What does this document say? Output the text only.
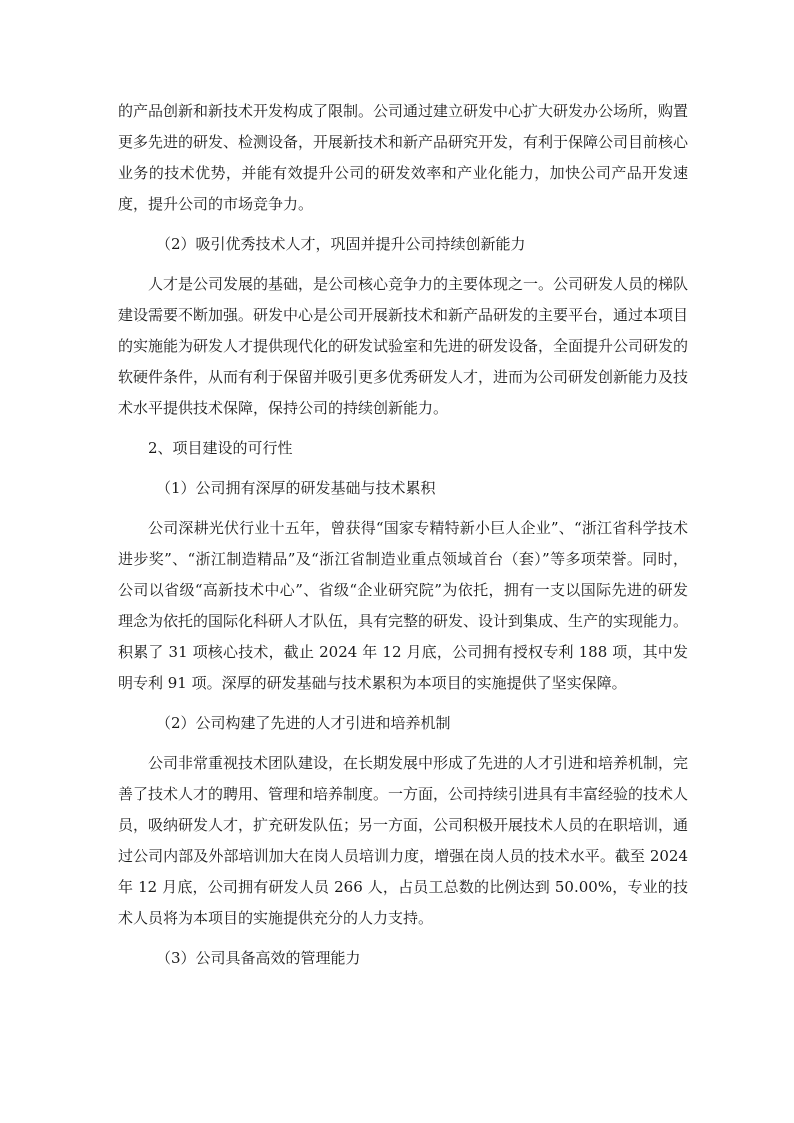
的产品创新和新技术开发构成了限制。公司通过建立研发中心扩大研发办公场所，购置更多先进的研发、检测设备，开展新技术和新产品研究开发，有利于保障公司目前核心业务的技术优势，并能有效提升公司的研发效率和产业化能力，加快公司产品开发速度，提升公司的市场竞争力。

（2）吸引优秀技术人才，巩固并提升公司持续创新能力

人才是公司发展的基础，是公司核心竞争力的主要体现之一。公司研发人员的梯队建设需要不断加强。研发中心是公司开展新技术和新产品研发的主要平台，通过本项目的实施能为研发人才提供现代化的研发试验室和先进的研发设备，全面提升公司研发的软硬件条件，从而有利于保留并吸引更多优秀研发人才，进而为公司研发创新能力及技术水平提供技术保障，保持公司的持续创新能力。

2、项目建设的可行性

（1）公司拥有深厚的研发基础与技术累积

公司深耕光伏行业十五年，曾获得“国家专精特新小巨人企业”、“浙江省科学技术进步奖”、“浙江制造精品”及“浙江省制造业重点领域首台（套）”等多项荣誉。同时，公司以省级“高新技术中心”、省级“企业研究院”为依托，拥有一支以国际先进的研发理念为依托的国际化科研人才队伍，具有完整的研发、设计到集成、生产的实现能力。积累了 31 项核心技术，截止 2024 年 12 月底，公司拥有授权专利 188 项，其中发明专利 91 项。深厚的研发基础与技术累积为本项目的实施提供了坚实保障。

（2）公司构建了先进的人才引进和培养机制

公司非常重视技术团队建设，在长期发展中形成了先进的人才引进和培养机制，完善了技术人才的聘用、管理和培养制度。一方面，公司持续引进具有丰富经验的技术人员，吸纳研发人才，扩充研发队伍；另一方面，公司积极开展技术人员的在职培训，通过公司内部及外部培训加大在岗人员培训力度，增强在岗人员的技术水平。截至 2024 年 12 月底，公司拥有研发人员 266 人，占员工总数的比例达到 50.00%，专业的技术人员将为本项目的实施提供充分的人力支持。

（3）公司具备高效的管理能力
